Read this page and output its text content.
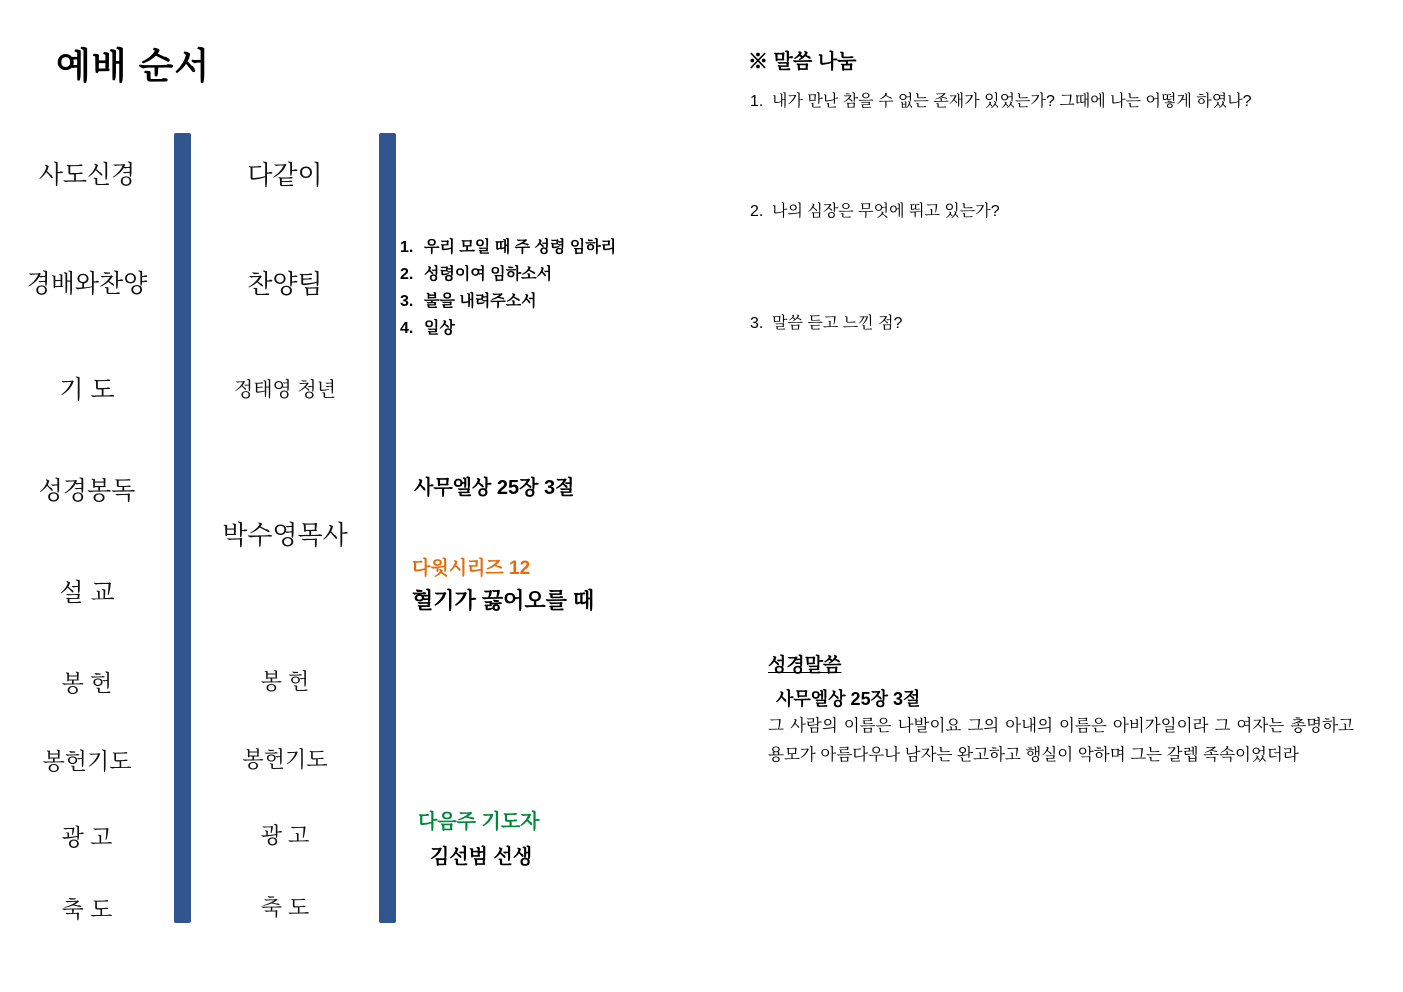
예배 순서
사도신경
경배와찬양
기 도
성경봉독
설 교
봉 헌
봉헌기도
광 고
축 도
다같이
찬양팀
정태영 청년
박수영목사
봉 헌
봉헌기도
광 고
축 도
1. 우리 모일 때 주 성령 임하리
2. 성령이여 임하소서
3. 불을 내려주소서
4. 일상
사무엘상 25장 3절
다윗시리즈 12
혈기가 끓어오를 때
다음주 기도자
김선범 선생
※ 말씀 나눔
1. 내가 만난 참을 수 없는 존재가 있었는가? 그때에 나는 어떻게 하였나?
2. 나의 심장은 무엇에 뛰고 있는가?
3. 말씀 듣고 느낀 점?
성경말씀
사무엘상 25장 3절
그 사람의 이름은 나발이요 그의 아내의 이름은 아비가일이라 그 여자는 총명하고 용모가 아름다우나 남자는 완고하고 행실이 악하며 그는 갈렙 족속이었더라
